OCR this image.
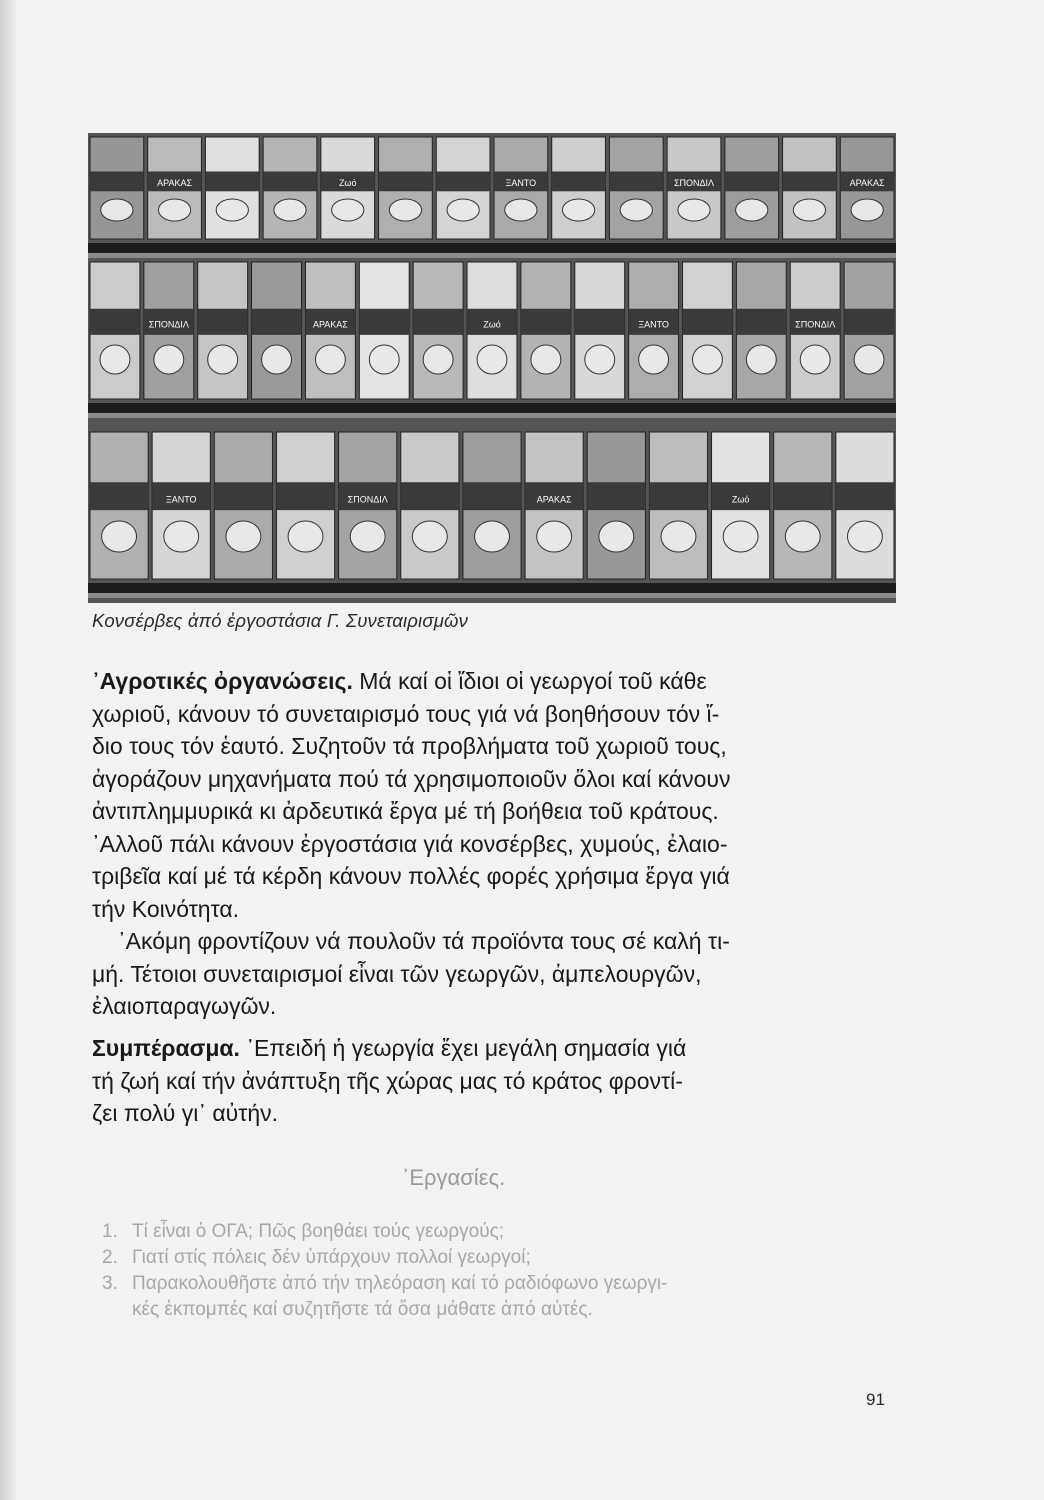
ΑΡΑΚΑΣ	Ζωό	ΞΑΝΤΟ	ΣΠΟΝΔΙΛ	ΑΡΑΚΑΣ
ΣΠΟΝΔΙΛ	ΑΡΑΚΑΣ	Ζωό	ΞΑΝΤΟ	ΣΠΟΝΔΙΛ
ΞΑΝΤΟ	ΣΠΟΝΔΙΛ	ΑΡΑΚΑΣ	Ζωό
Κονσέρβες ἀπό ἐργοστάσια Γ. Συνεταιρισμῶν
᾿Αγροτικές ὀργανώσεις. Μά καί οἱ ἴδιοι οἱ γεωργοί τοῦ κάθε
χωριοῦ, κάνουν τό συνεταιρισμό τους γιά νά βοηθήσουν τόν ἴ-
διο τους τόν ἑαυτό. Συζητοῦν τά προβλήματα τοῦ χωριοῦ τους,
ἀγοράζουν μηχανήματα πού τά χρησιμοποιοῦν ὅλοι καί κάνουν
ἀντιπλημμυρικά κι ἀρδευτικά ἔργα μέ τή βοήθεια τοῦ κράτους.
᾿Αλλοῦ πάλι κάνουν ἐργοστάσια γιά κονσέρβες, χυμούς, ἐλαιο-
τριβεῖα καί μέ τά κέρδη κάνουν πολλές φορές χρήσιμα ἔργα γιά
τήν Κοινότητα.
᾿Ακόμη φροντίζουν νά πουλοῦν τά προϊόντα τους σέ καλή τι-
μή. Τέτοιοι συνεταιρισμοί εἶναι τῶν γεωργῶν, ἀμπελουργῶν,
ἐλαιοπαραγωγῶν.
Συμπέρασμα. ᾿Επειδή ἡ γεωργία ἔχει μεγάλη σημασία γιά
τή ζωή καί τήν ἀνάπτυξη τῆς χώρας μας τό κράτος φροντί-
ζει πολύ γι᾿ αὐτήν.
᾿Εργασίες.
1. Τί εἶναι ὁ ΟΓΑ; Πῶς βοηθάει τούς γεωργούς;
2. Γιατί στίς πόλεις δέν ὑπάρχουν πολλοί γεωργοί;
3. Παρακολουθῆστε ἀπό τήν τηλεόραση καί τό ραδιόφωνο γεωργι-
κές ἐκπομπές καί συζητῆστε τά ὅσα μάθατε ἀπό αὐτές.
91
